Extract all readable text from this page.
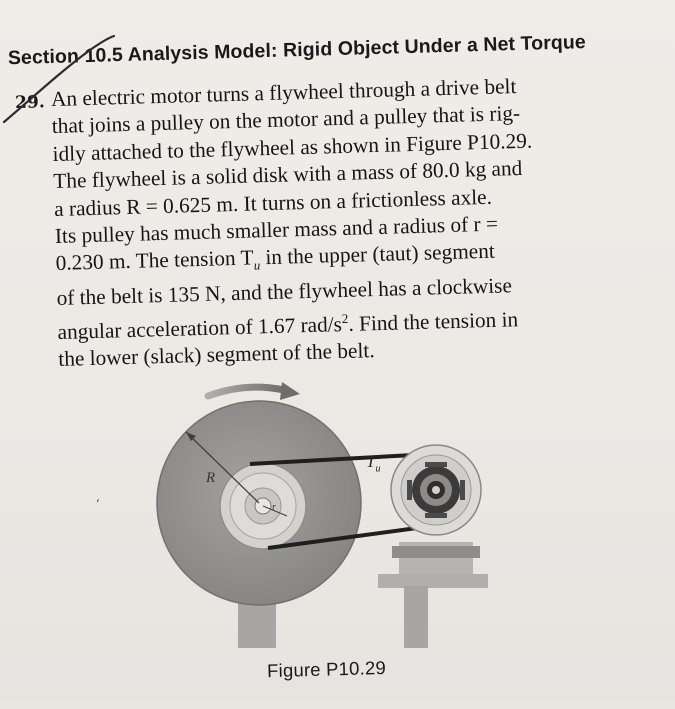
Section 10.5 Analysis Model: Rigid Object Under a Net Torque
29. An electric motor turns a flywheel through a drive belt
that joins a pulley on the motor and a pulley that is rig-
idly attached to the flywheel as shown in Figure P10.29.
The flywheel is a solid disk with a mass of 80.0 kg and
a radius R = 0.625 m. It turns on a frictionless axle.
Its pulley has much smaller mass and a radius of r =
0.230 m. The tension $T_u$ in the upper (taut) segment
of the belt is 135 N, and the flywheel has a clockwise
angular acceleration of 1.67 rad/$s^2$. Find the tension in
the lower (slack) segment of the belt.

Figure P10.29
R
r
$T_u$
ʻ
